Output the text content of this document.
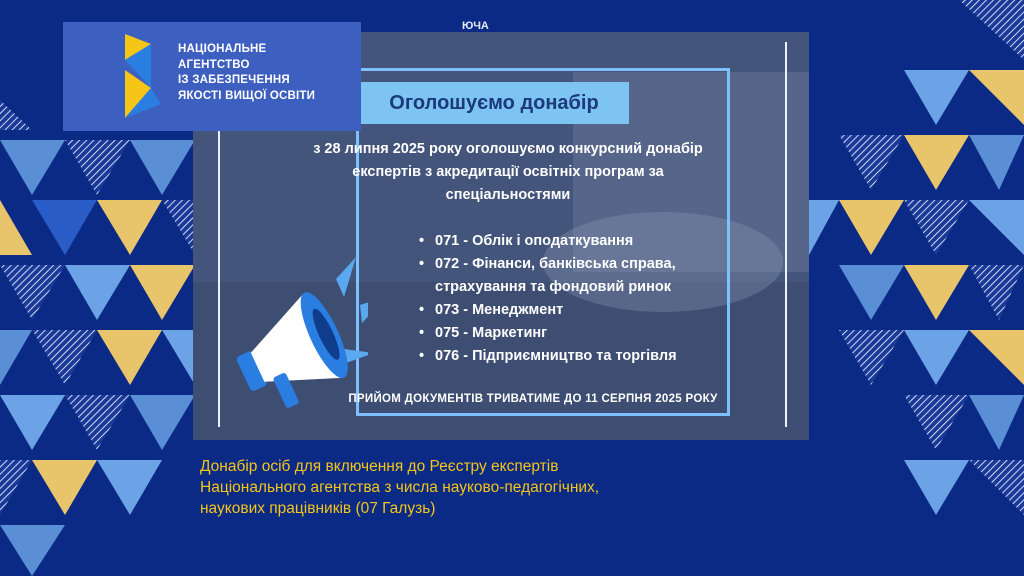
ЮЧА
Оголошуємо донабір
з 28 липня 2025 року оголошуємо конкурсний донабір експертів з акредитації освітніх програм за спеціальностями
• 071 - Облік і оподаткування
• 072 - Фінанси, банківська справа, страхування та фондовий ринок
• 073 - Менеджмент
• 075 - Маркетинг
• 076 - Підприємництво та торгівля
ПРИЙОМ ДОКУМЕНТІВ ТРИВАТИМЕ ДО 11 СЕРПНЯ 2025 РОКУ
НАЦІОНАЛЬНЕ
АГЕНТСТВО
ІЗ ЗАБЕЗПЕЧЕННЯ
ЯКОСТІ ВИЩОЇ ОСВІТИ
Донабір осіб для включення до Реєстру експертів
Національного агентства з числа науково-педагогічних,
наукових працівників (07 Галузь)
